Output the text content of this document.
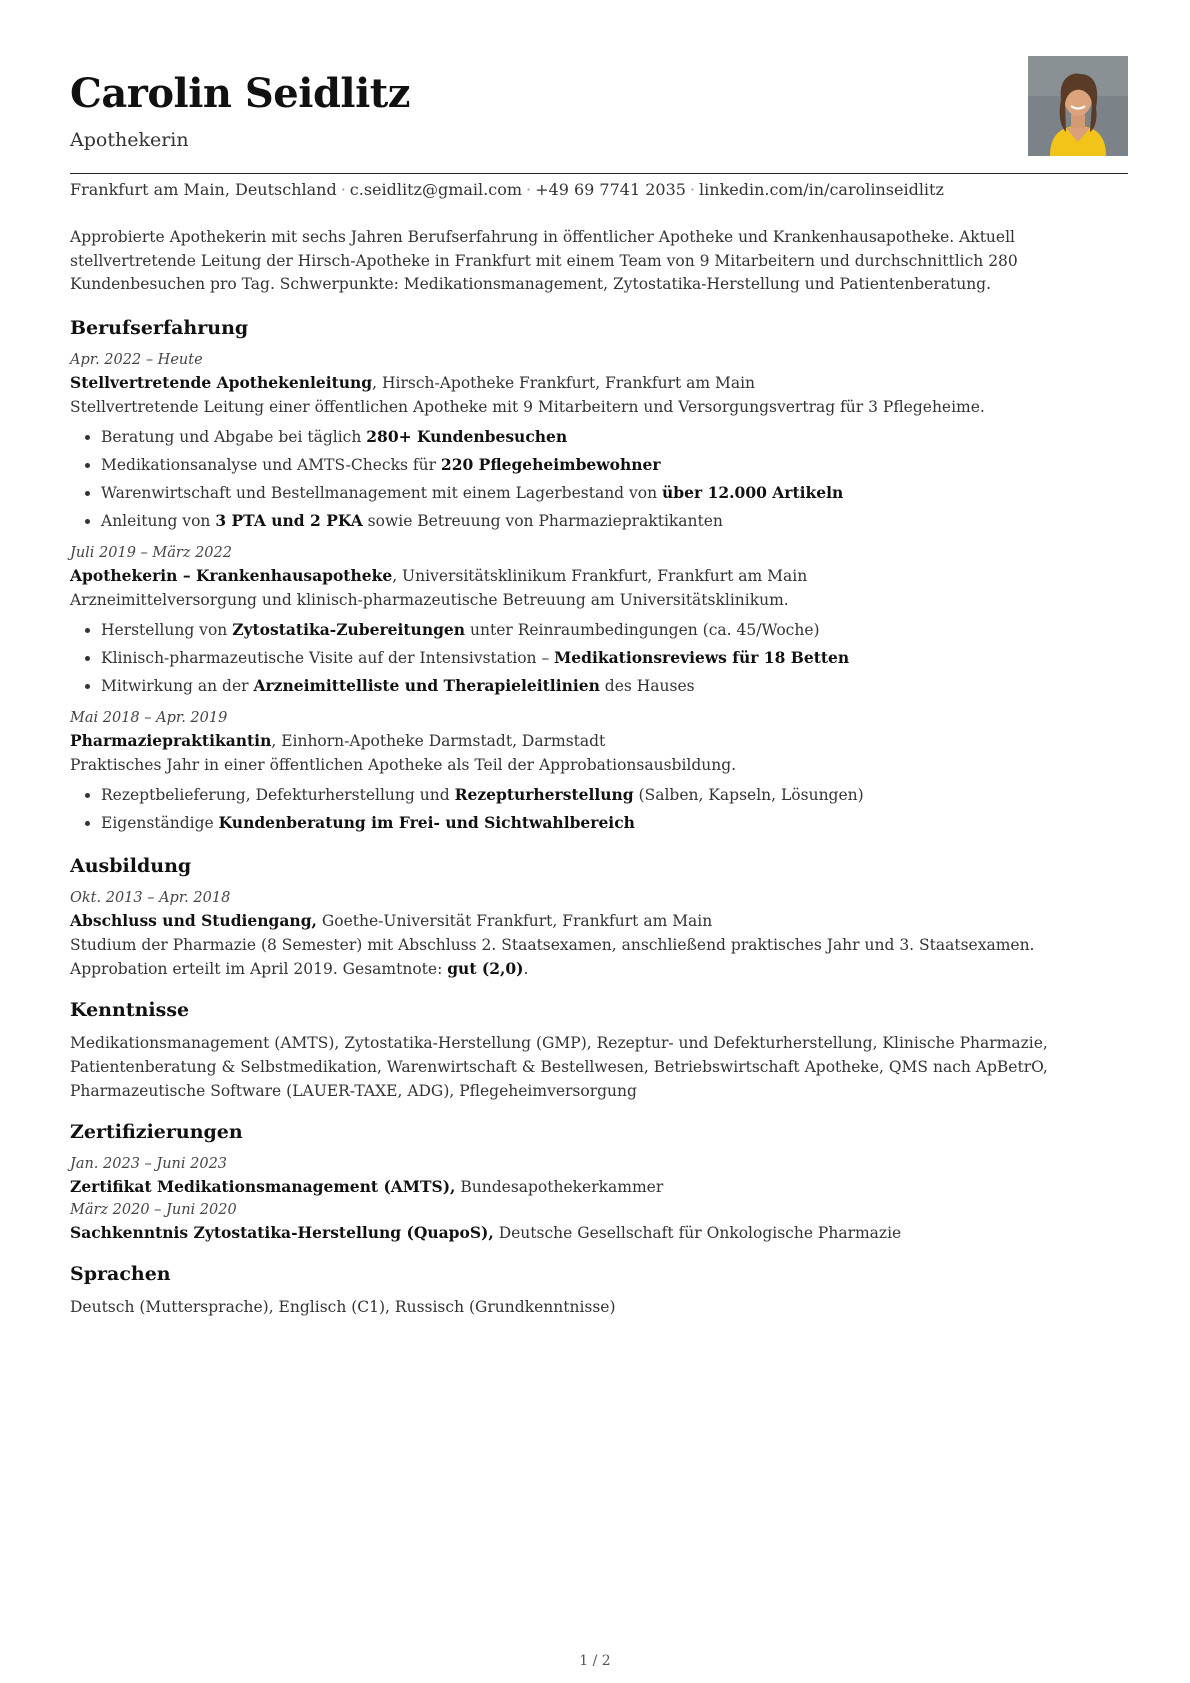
Carolin Seidlitz
Apothekerin
Frankfurt am Main, Deutschland · c.seidlitz@gmail.com · +49 69 7741 2035 · linkedin.com/in/carolinseidlitz

Approbierte Apothekerin mit sechs Jahren Berufserfahrung in öffentlicher Apotheke und Krankenhausapotheke. Aktuell stellvertretende Leitung der Hirsch-Apotheke in Frankfurt mit einem Team von 9 Mitarbeitern und durchschnittlich 280 Kundenbesuchen pro Tag. Schwerpunkte: Medikationsmanagement, Zytostatika-Herstellung und Patientenberatung.

Berufserfahrung
Apr. 2022 – Heute
Stellvertretende Apothekenleitung, Hirsch-Apotheke Frankfurt, Frankfurt am Main
Stellvertretende Leitung einer öffentlichen Apotheke mit 9 Mitarbeitern und Versorgungsvertrag für 3 Pflegeheime.
• Beratung und Abgabe bei täglich 280+ Kundenbesuchen
• Medikationsanalyse und AMTS-Checks für 220 Pflegeheimbewohner
• Warenwirtschaft und Bestellmanagement mit einem Lagerbestand von über 12.000 Artikeln
• Anleitung von 3 PTA und 2 PKA sowie Betreuung von Pharmaziepraktikanten
Juli 2019 – März 2022
Apothekerin – Krankenhausapotheke, Universitätsklinikum Frankfurt, Frankfurt am Main
Arzneimittelversorgung und klinisch-pharmazeutische Betreuung am Universitätsklinikum.
• Herstellung von Zytostatika-Zubereitungen unter Reinraumbedingungen (ca. 45/Woche)
• Klinisch-pharmazeutische Visite auf der Intensivstation – Medikationsreviews für 18 Betten
• Mitwirkung an der Arzneimittelliste und Therapieleitlinien des Hauses
Mai 2018 – Apr. 2019
Pharmaziepraktikantin, Einhorn-Apotheke Darmstadt, Darmstadt
Praktisches Jahr in einer öffentlichen Apotheke als Teil der Approbationsausbildung.
• Rezeptbelieferung, Defekturherstellung und Rezepturherstellung (Salben, Kapseln, Lösungen)
• Eigenständige Kundenberatung im Frei- und Sichtwahlbereich
Ausbildung
Okt. 2013 – Apr. 2018
Abschluss und Studiengang, Goethe-Universität Frankfurt, Frankfurt am Main
Studium der Pharmazie (8 Semester) mit Abschluss 2. Staatsexamen, anschließend praktisches Jahr und 3. Staatsexamen. Approbation erteilt im April 2019. Gesamtnote: gut (2,0).
Kenntnisse
Medikationsmanagement (AMTS), Zytostatika-Herstellung (GMP), Rezeptur- und Defekturherstellung, Klinische Pharmazie, Patientenberatung & Selbstmedikation, Warenwirtschaft & Bestellwesen, Betriebswirtschaft Apotheke, QMS nach ApBetrO, Pharmazeutische Software (LAUER-TAXE, ADG), Pflegeheimversorgung
Zertifizierungen
Jan. 2023 – Juni 2023
Zertifikat Medikationsmanagement (AMTS), Bundesapothekerkammer
März 2020 – Juni 2020
Sachkenntnis Zytostatika-Herstellung (QuapoS), Deutsche Gesellschaft für Onkologische Pharmazie
Sprachen
Deutsch (Muttersprache), Englisch (C1), Russisch (Grundkenntnisse)
1 / 2
